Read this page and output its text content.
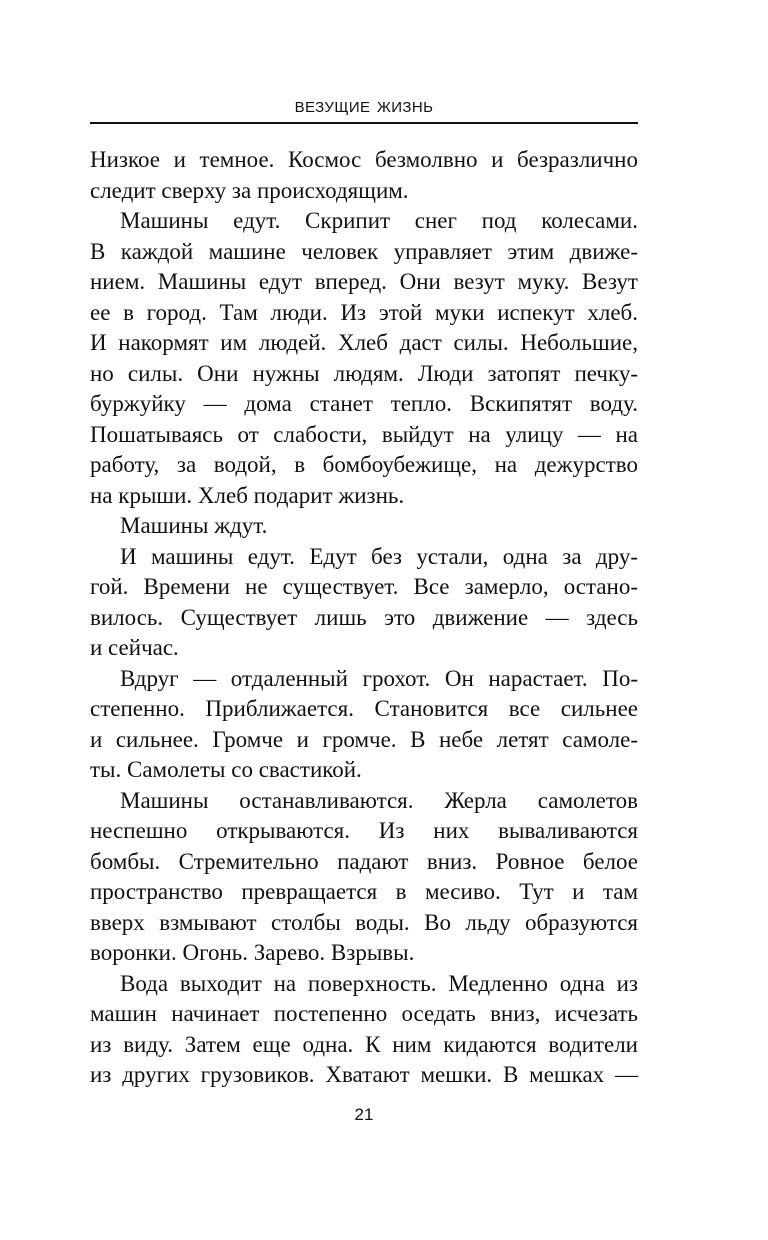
ВЕЗУЩИЕ ЖИЗНЬ
Низкое и темное. Космос безмолвно и безразлично
следит сверху за происходящим.
Машины едут. Скрипит снег под колесами.
В каждой машине человек управляет этим движе-
нием. Машины едут вперед. Они везут муку. Везут
ее в город. Там люди. Из этой муки испекут хлеб.
И накормят им людей. Хлеб даст силы. Небольшие,
но силы. Они нужны людям. Люди затопят печку-
буржуйку — дома станет тепло. Вскипятят воду.
Пошатываясь от слабости, выйдут на улицу — на
работу, за водой, в бомбоубежище, на дежурство
на крыши. Хлеб подарит жизнь.
Машины ждут.
И машины едут. Едут без устали, одна за дру-
гой. Времени не существует. Все замерло, остано-
вилось. Существует лишь это движение — здесь
и сейчас.
Вдруг — отдаленный грохот. Он нарастает. По-
степенно. Приближается. Становится все сильнее
и сильнее. Громче и громче. В небе летят самоле-
ты. Самолеты со свастикой.
Машины останавливаются. Жерла самолетов
неспешно открываются. Из них вываливаются
бомбы. Стремительно падают вниз. Ровное белое
пространство превращается в месиво. Тут и там
вверх взмывают столбы воды. Во льду образуются
воронки. Огонь. Зарево. Взрывы.
Вода выходит на поверхность. Медленно одна из
машин начинает постепенно оседать вниз, исчезать
из виду. Затем еще одна. К ним кидаются водители
из других грузовиков. Хватают мешки. В мешках —
21
